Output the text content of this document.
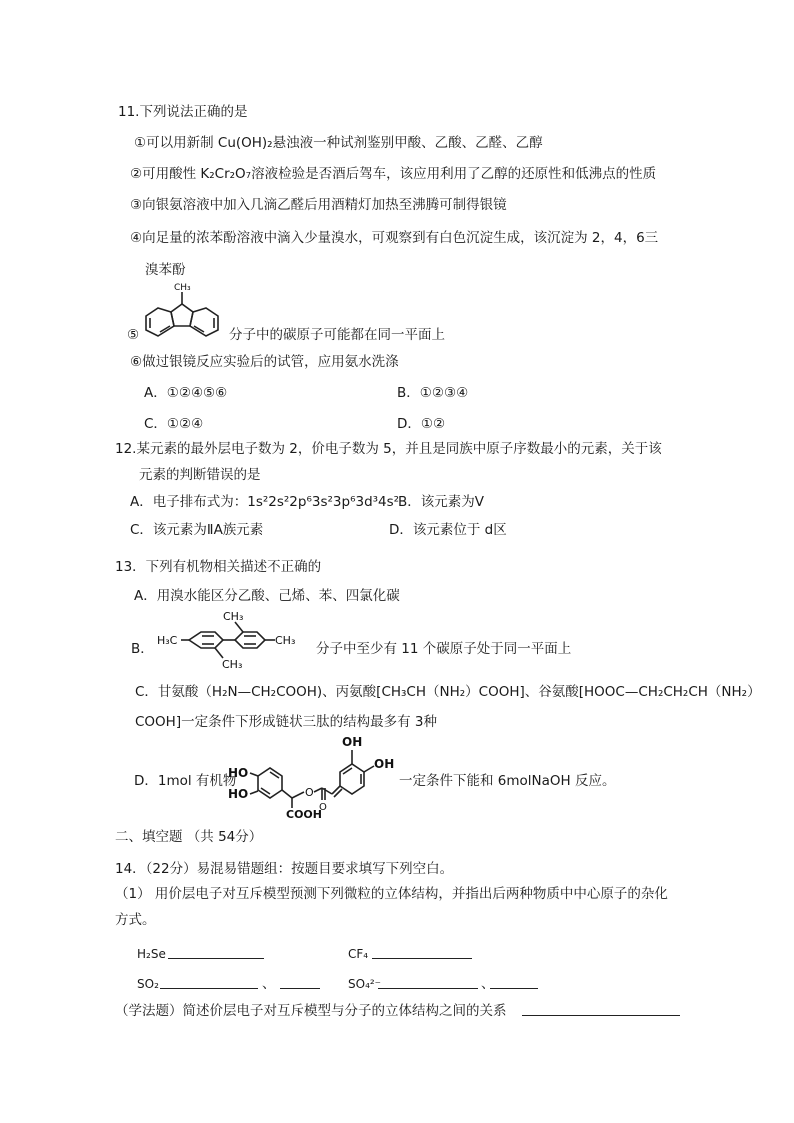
11.下列说法正确的是
①可以用新制 Cu(OH)₂悬浊液一种试剂鉴别甲酸、乙酸、乙醛、乙醇
②可用酸性 K₂Cr₂O₇溶液检验是否酒后驾车，该应用利用了乙醇的还原性和低沸点的性质
③向银氨溶液中加入几滴乙醛后用酒精灯加热至沸腾可制得银镜
④向足量的浓苯酚溶液中滴入少量溴水，可观察到有白色沉淀生成，该沉淀为 2，4，6三
溴苯酚
CH₃
⑤	分子中的碳原子可能都在同一平面上
⑥做过银镜反应实验后的试管，应用氨水洗涤
A．①②④⑤⑥	B．①②③④
C．①②④	D．①②
12.某元素的最外层电子数为 2，价电子数为 5，并且是同族中原子序数最小的元素，关于该
元素的判断错误的是
A．电子排布式为：1s²2s²2p⁶3s²3p⁶3d³4s²
B．该元素为Ⅴ
C．该元素为ⅡA族元素	D．该元素位于 d区
13．下列有机物相关描述不正确的
A．用溴水能区分乙酸、己烯、苯、四氯化碳
B．
H₃C
CH₃
CH₃
CH₃
分子中至少有 11 个碳原子处于同一平面上
C．甘氨酸（H₂N—CH₂COOH)、丙氨酸[CH₃CH（NH₂）COOH]、谷氨酸[HOOC—CH₂CH₂CH（NH₂）
COOH]一定条件下形成链状三肽的结构最多有 3种
D．1mol 有机物
HO
HO
COOH
O
O
OH
OH
一定条件下能和 6molNaOH 反应。
二、填空题 （共 54分）
14．（22分）易混易错题组：按题目要求填写下列空白。
（1） 用价层电子对互斥模型预测下列微粒的立体结构，并指出后两种物质中中心原子的杂化
方式。
H₂Se	CF₄
SO₂	、	SO₄²⁻	、
（学法题）简述价层电子对互斥模型与分子的立体结构之间的关系
